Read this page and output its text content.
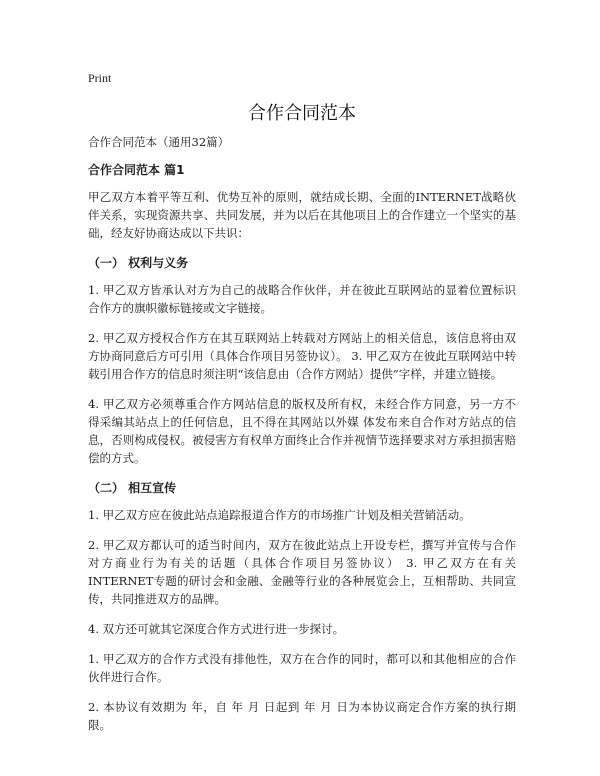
Print
合作合同范本

合作合同范本（通用32篇）

合作合同范本 篇1

甲乙双方本着平等互利、优势互补的原则，就结成长期、全面的INTERNET战略伙伴关系，实现资源共享、共同发展，并为以后在其他项目上的合作建立一个坚实的基础，经友好协商达成以下共识：

（一） 权利与义务

1. 甲乙双方皆承认对方为自己的战略合作伙伴，并在彼此互联网站的显着位置标识合作方的旗帜徽标链接或文字链接。

2. 甲乙双方授权合作方在其互联网站上转载对方网站上的相关信息，该信息将由双方协商同意后方可引用（具体合作项目另签协议）。 3. 甲乙双方在彼此互联网站中转载引用合作方的信息时须注明“该信息由（合作方网站）提供”字样，并建立链接。

4. 甲乙双方必须尊重合作方网站信息的版权及所有权，未经合作方同意，另一方不得采编其站点上的任何信息，且不得在其网站以外媒 体发布来自合作对方站点的信息，否则构成侵权。被侵害方有权单方面终止合作并视情节选择要求对方承担损害赔偿的方式。

（二） 相互宣传

1. 甲乙双方应在彼此站点追踪报道合作方的市场推广计划及相关营销活动。

2. 甲乙双方都认可的适当时间内，双方在彼此站点上开设专栏，撰写并宣传与合作对方商业行为有关的话题（具体合作项目另签协议） 3. 甲乙双方在有关INTERNET专题的研讨会和金融、金融等行业的各种展览会上，互相帮助、共同宣传，共同推进双方的品牌。

4. 双方还可就其它深度合作方式进行进一步探讨。

1. 甲乙双方的合作方式没有排他性，双方在合作的同时，都可以和其他相应的合作伙伴进行合作。

2. 本协议有效期为 年，自 年 月 日起到 年 月 日为本协议商定合作方案的执行期限。
